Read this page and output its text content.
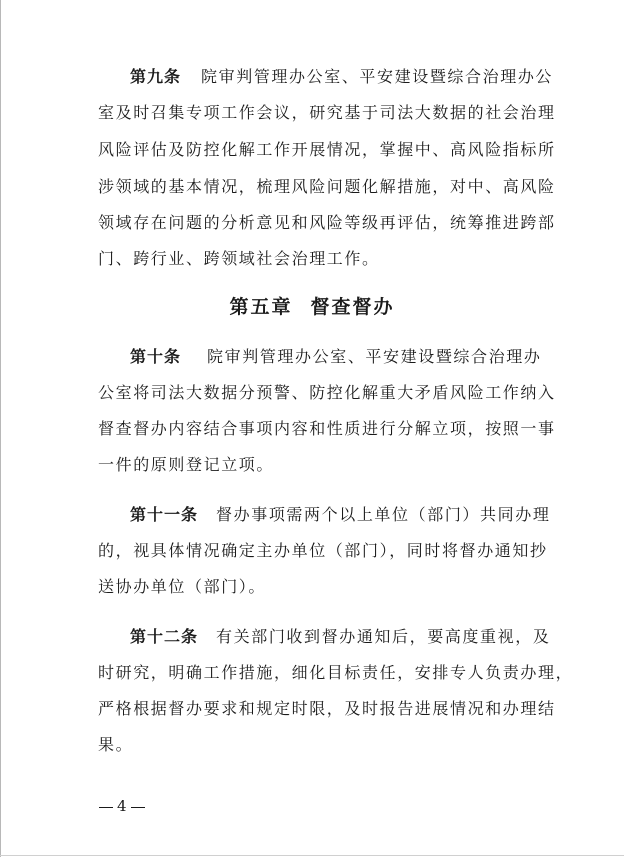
第九条 院审判管理办公室、平安建设暨综合治理办公
室及时召集专项工作会议，研究基于司法大数据的社会治理
风险评估及防控化解工作开展情况，掌握中、高风险指标所
涉领域的基本情况，梳理风险问题化解措施，对中、高风险
领域存在问题的分析意见和风险等级再评估，统筹推进跨部
门、跨行业、跨领域社会治理工作。
第五章 督查督办
第十条 院审判管理办公室、平安建设暨综合治理办
公室将司法大数据分预警、防控化解重大矛盾风险工作纳入
督查督办内容结合事项内容和性质进行分解立项，按照一事
一件的原则登记立项。
第十一条 督办事项需两个以上单位（部门）共同办理
的，视具体情况确定主办单位（部门），同时将督办通知抄
送协办单位（部门）。
第十二条 有关部门收到督办通知后，要高度重视，及
时研究，明确工作措施，细化目标责任，安排专人负责办理，
严格根据督办要求和规定时限，及时报告进展情况和办理结
果。
4
